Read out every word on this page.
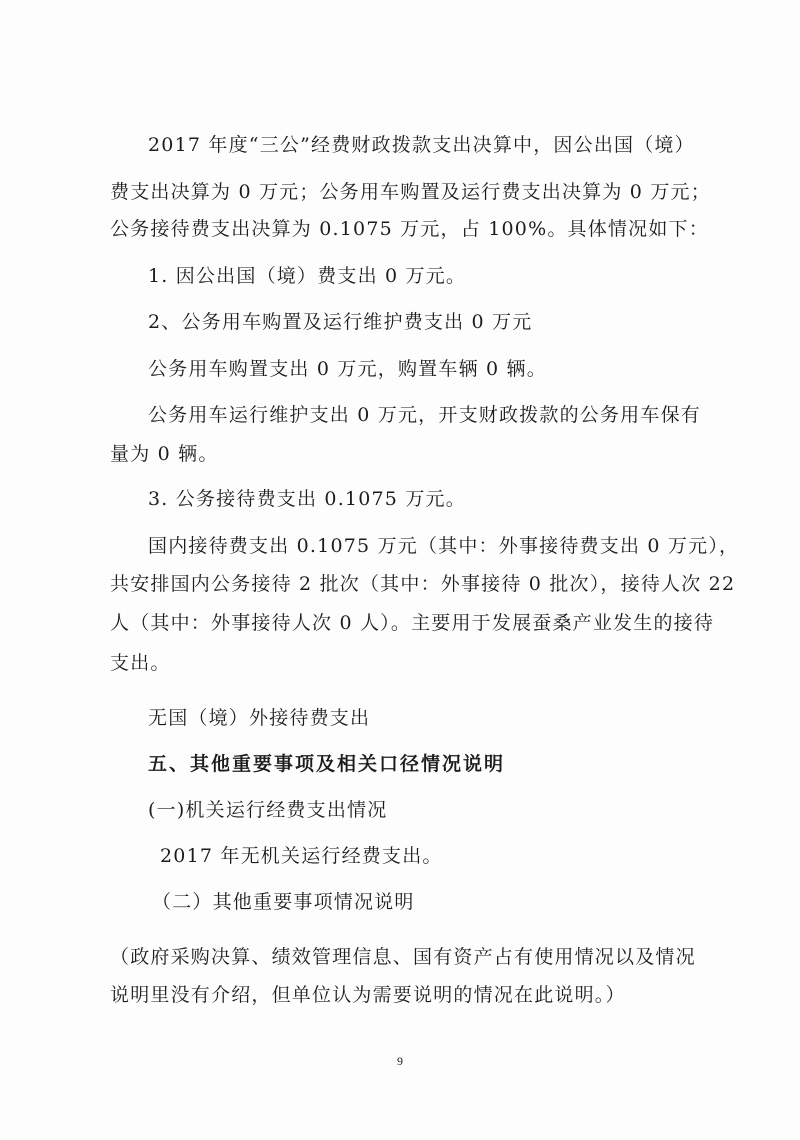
2017 年度“三公”经费财政拨款支出决算中，因公出国（境）
费支出决算为 0 万元；公务用车购置及运行费支出决算为 0 万元；
公务接待费支出决算为 0.1075 万元，占 100%。具体情况如下：
1. 因公出国（境）费支出 0 万元。
2、公务用车购置及运行维护费支出 0 万元
公务用车购置支出 0 万元，购置车辆 0 辆。
公务用车运行维护支出 0 万元，开支财政拨款的公务用车保有
量为 0 辆。
3. 公务接待费支出 0.1075 万元。
国内接待费支出 0.1075 万元（其中：外事接待费支出 0 万元），
共安排国内公务接待 2 批次（其中：外事接待 0 批次），接待人次 22
人（其中：外事接待人次 0 人）。主要用于发展蚕桑产业发生的接待
支出。
无国（境）外接待费支出
五、其他重要事项及相关口径情况说明
(一)机关运行经费支出情况
2017 年无机关运行经费支出。
（二）其他重要事项情况说明
（政府采购决算、绩效管理信息、国有资产占有使用情况以及情况
说明里没有介绍，但单位认为需要说明的情况在此说明。）
9
